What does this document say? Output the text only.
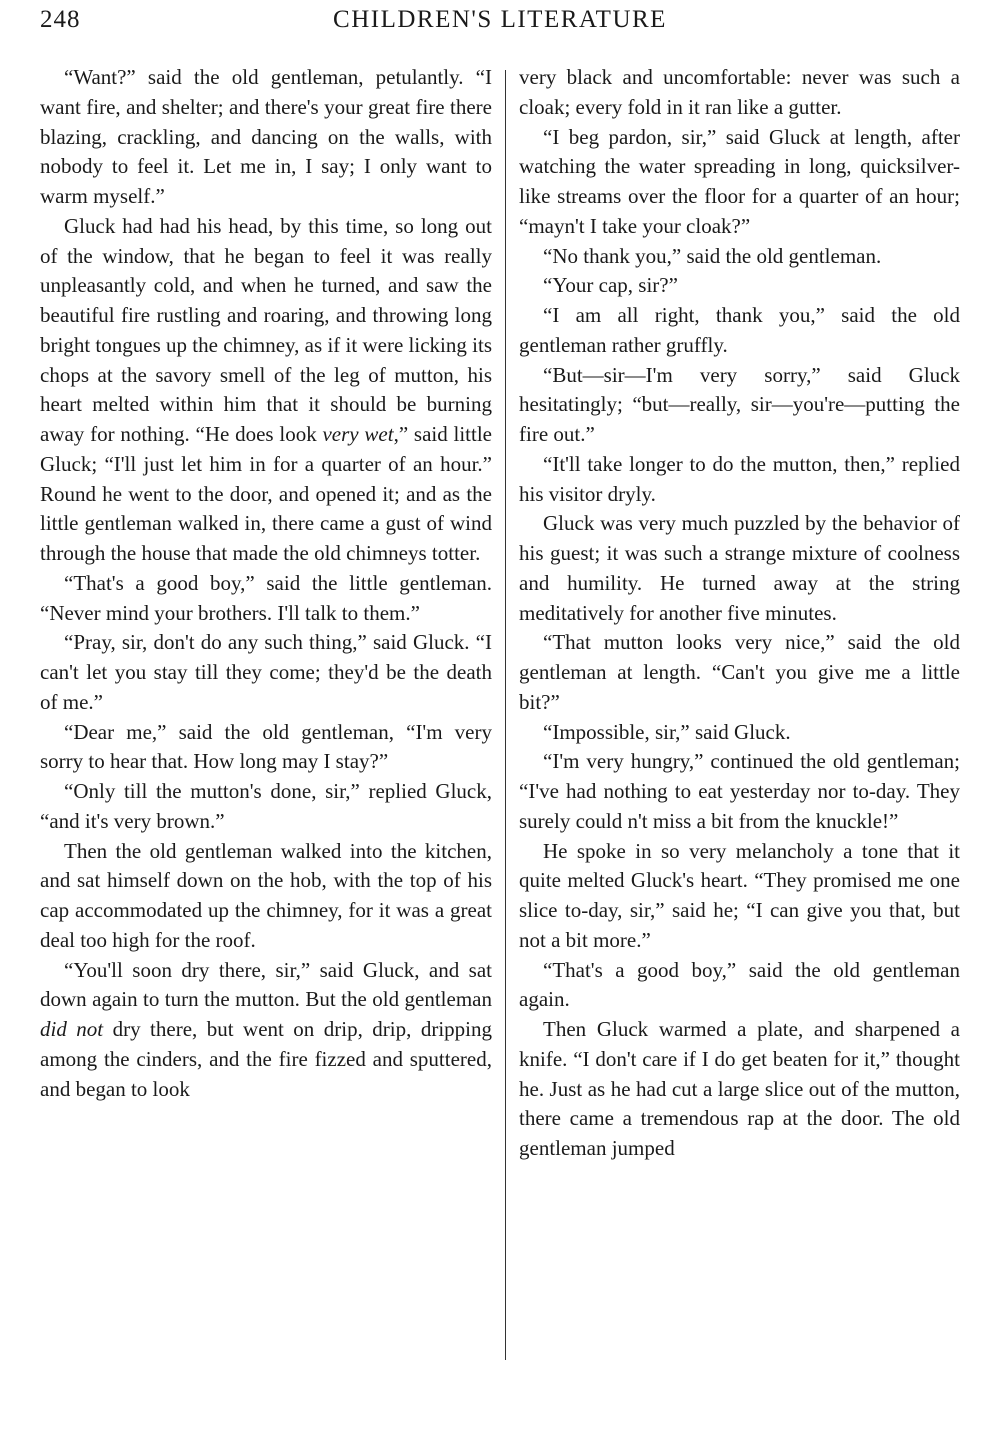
248	CHILDREN'S LITERATURE

“Want?” said the old gentleman, petulantly. “I want fire, and shelter; and there's your great fire there blazing, crackling, and dancing on the walls, with nobody to feel it. Let me in, I say; I only want to warm myself.”

Gluck had had his head, by this time, so long out of the window, that he began to feel it was really unpleasantly cold, and when he turned, and saw the beautiful fire rustling and roaring, and throwing long bright tongues up the chimney, as if it were licking its chops at the savory smell of the leg of mutton, his heart melted within him that it should be burning away for nothing. “He does look very wet,” said little Gluck; “I'll just let him in for a quarter of an hour.” Round he went to the door, and opened it; and as the little gentleman walked in, there came a gust of wind through the house that made the old chimneys totter.

“That's a good boy,” said the little gentleman. “Never mind your brothers. I'll talk to them.”

“Pray, sir, don't do any such thing,” said Gluck. “I can't let you stay till they come; they'd be the death of me.”

“Dear me,” said the old gentleman, “I'm very sorry to hear that. How long may I stay?”

“Only till the mutton's done, sir,” replied Gluck, “and it's very brown.”

Then the old gentleman walked into the kitchen, and sat himself down on the hob, with the top of his cap accommodated up the chimney, for it was a great deal too high for the roof.

“You'll soon dry there, sir,” said Gluck, and sat down again to turn the mutton. But the old gentleman did not dry there, but went on drip, drip, dripping among the cinders, and the fire fizzed and sputtered, and began to look

very black and uncomfortable: never was such a cloak; every fold in it ran like a gutter.

“I beg pardon, sir,” said Gluck at length, after watching the water spreading in long, quicksilver-like streams over the floor for a quarter of an hour; “mayn't I take your cloak?”

“No thank you,” said the old gentleman.

“Your cap, sir?”

“I am all right, thank you,” said the old gentleman rather gruffly.

“But—sir—I'm very sorry,” said Gluck hesitatingly; “but—really, sir—you're—putting the fire out.”

“It'll take longer to do the mutton, then,” replied his visitor dryly.

Gluck was very much puzzled by the behavior of his guest; it was such a strange mixture of coolness and humility. He turned away at the string meditatively for another five minutes.

“That mutton looks very nice,” said the old gentleman at length. “Can't you give me a little bit?”

“Impossible, sir,” said Gluck.

“I'm very hungry,” continued the old gentleman; “I've had nothing to eat yesterday nor to-day. They surely could n't miss a bit from the knuckle!”

He spoke in so very melancholy a tone that it quite melted Gluck's heart. “They promised me one slice to-day, sir,” said he; “I can give you that, but not a bit more.”

“That's a good boy,” said the old gentleman again.

Then Gluck warmed a plate, and sharpened a knife. “I don't care if I do get beaten for it,” thought he. Just as he had cut a large slice out of the mutton, there came a tremendous rap at the door. The old gentleman jumped
